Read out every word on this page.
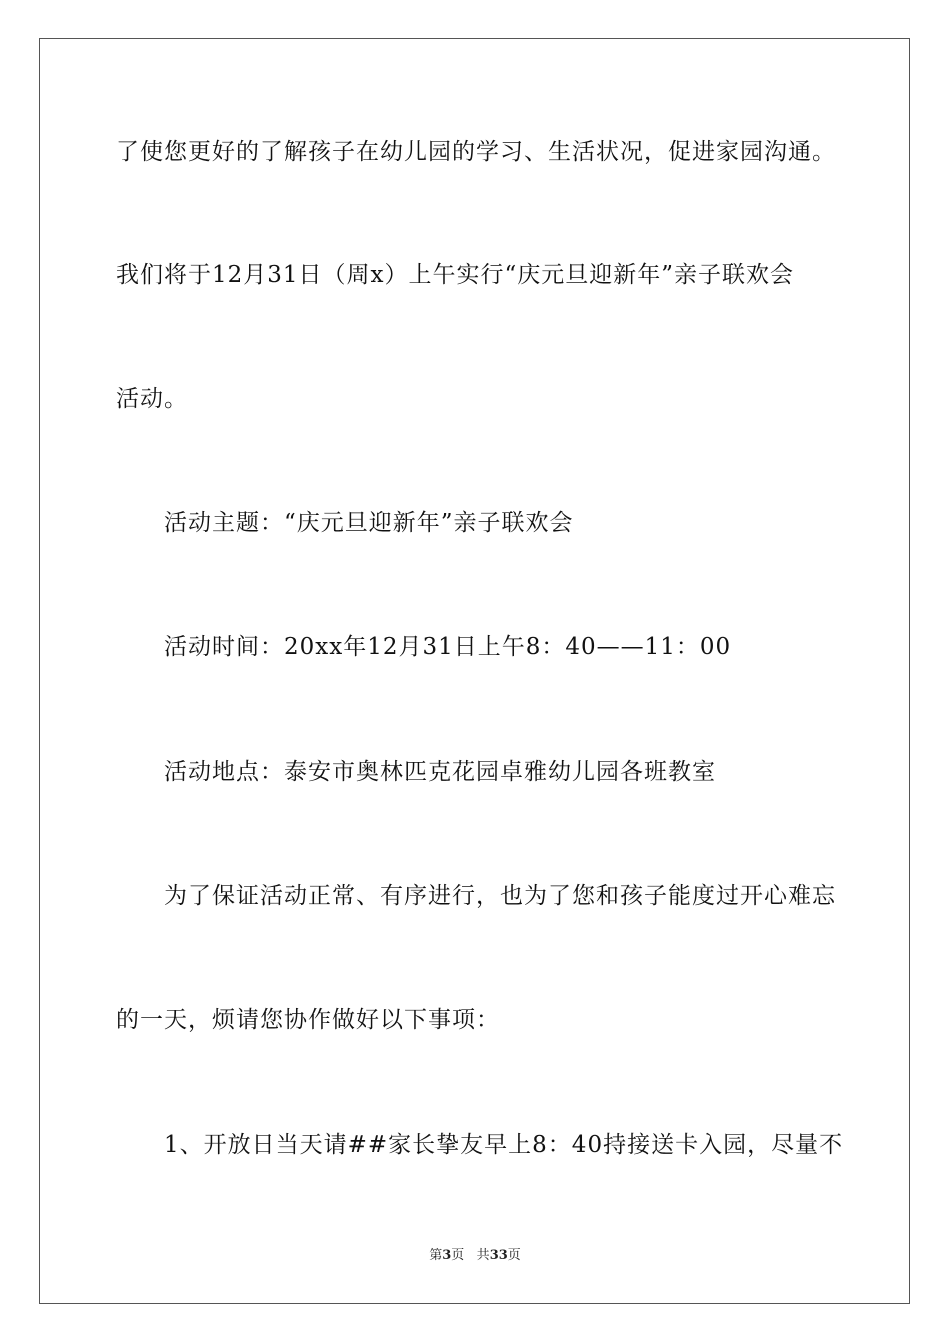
了使您更好的了解孩子在幼儿园的学习、生活状况，促进家园沟通。
我们将于12月31日（周x）上午实行“庆元旦迎新年”亲子联欢会
活动。
活动主题：“庆元旦迎新年”亲子联欢会
活动时间：20xx年12月31日上午8：40——11：00
活动地点：泰安市奥林匹克花园卓雅幼儿园各班教室
为了保证活动正常、有序进行，也为了您和孩子能度过开心难忘
的一天，烦请您协作做好以下事项：
1、开放日当天请##家长挚友早上8：40持接送卡入园，尽量不
第3页 共33页
